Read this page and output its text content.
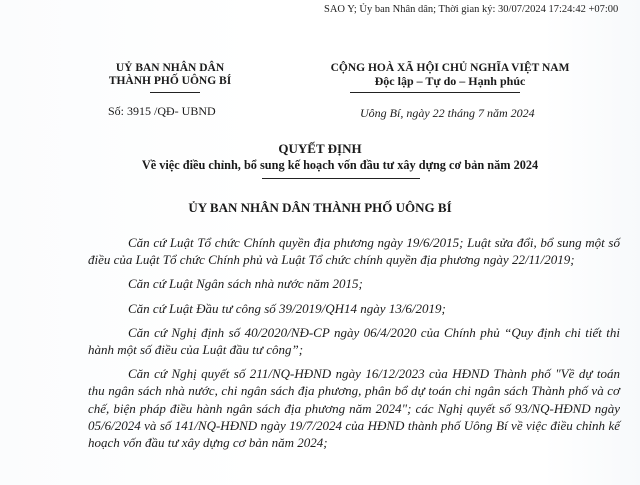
SAO Y; Ủy ban Nhân dân; Thời gian ký: 30/07/2024 17:24:42 +07:00
UỶ BAN NHÂN DÂN
THÀNH PHỐ UÔNG BÍ
Số: 3915 /QĐ- UBND
CỘNG HOÀ XÃ HỘI CHỦ NGHĨA VIỆT NAM
Độc lập – Tự do – Hạnh phúc
Uông Bí, ngày 22 tháng 7 năm 2024
QUYẾT ĐỊNH
Về việc điều chỉnh, bổ sung kế hoạch vốn đầu tư xây dựng cơ bản năm 2024
ỦY BAN NHÂN DÂN THÀNH PHỐ UÔNG BÍ

Căn cứ Luật Tổ chức Chính quyền địa phương ngày 19/6/2015; Luật sửa đổi, bổ sung một số điều của Luật Tổ chức Chính phủ và Luật Tổ chức chính quyền địa phương ngày 22/11/2019;

Căn cứ Luật Ngân sách nhà nước năm 2015;

Căn cứ Luật Đầu tư công số 39/2019/QH14 ngày 13/6/2019;

Căn cứ Nghị định số 40/2020/NĐ-CP ngày 06/4/2020 của Chính phủ “Quy định chi tiết thi hành một số điều của Luật đầu tư công”;

Căn cứ Nghị quyết số 211/NQ-HĐND ngày 16/12/2023 của HĐND Thành phố "Về dự toán thu ngân sách nhà nước, chi ngân sách địa phương, phân bổ dự toán chi ngân sách Thành phố và cơ chế, biện pháp điều hành ngân sách địa phương năm 2024"; các Nghị quyết số 93/NQ-HĐND ngày 05/6/2024 và số 141/NQ-HĐND ngày 19/7/2024 của HĐND thành phố Uông Bí về việc điều chỉnh kế hoạch vốn đầu tư xây dựng cơ bản năm 2024;
